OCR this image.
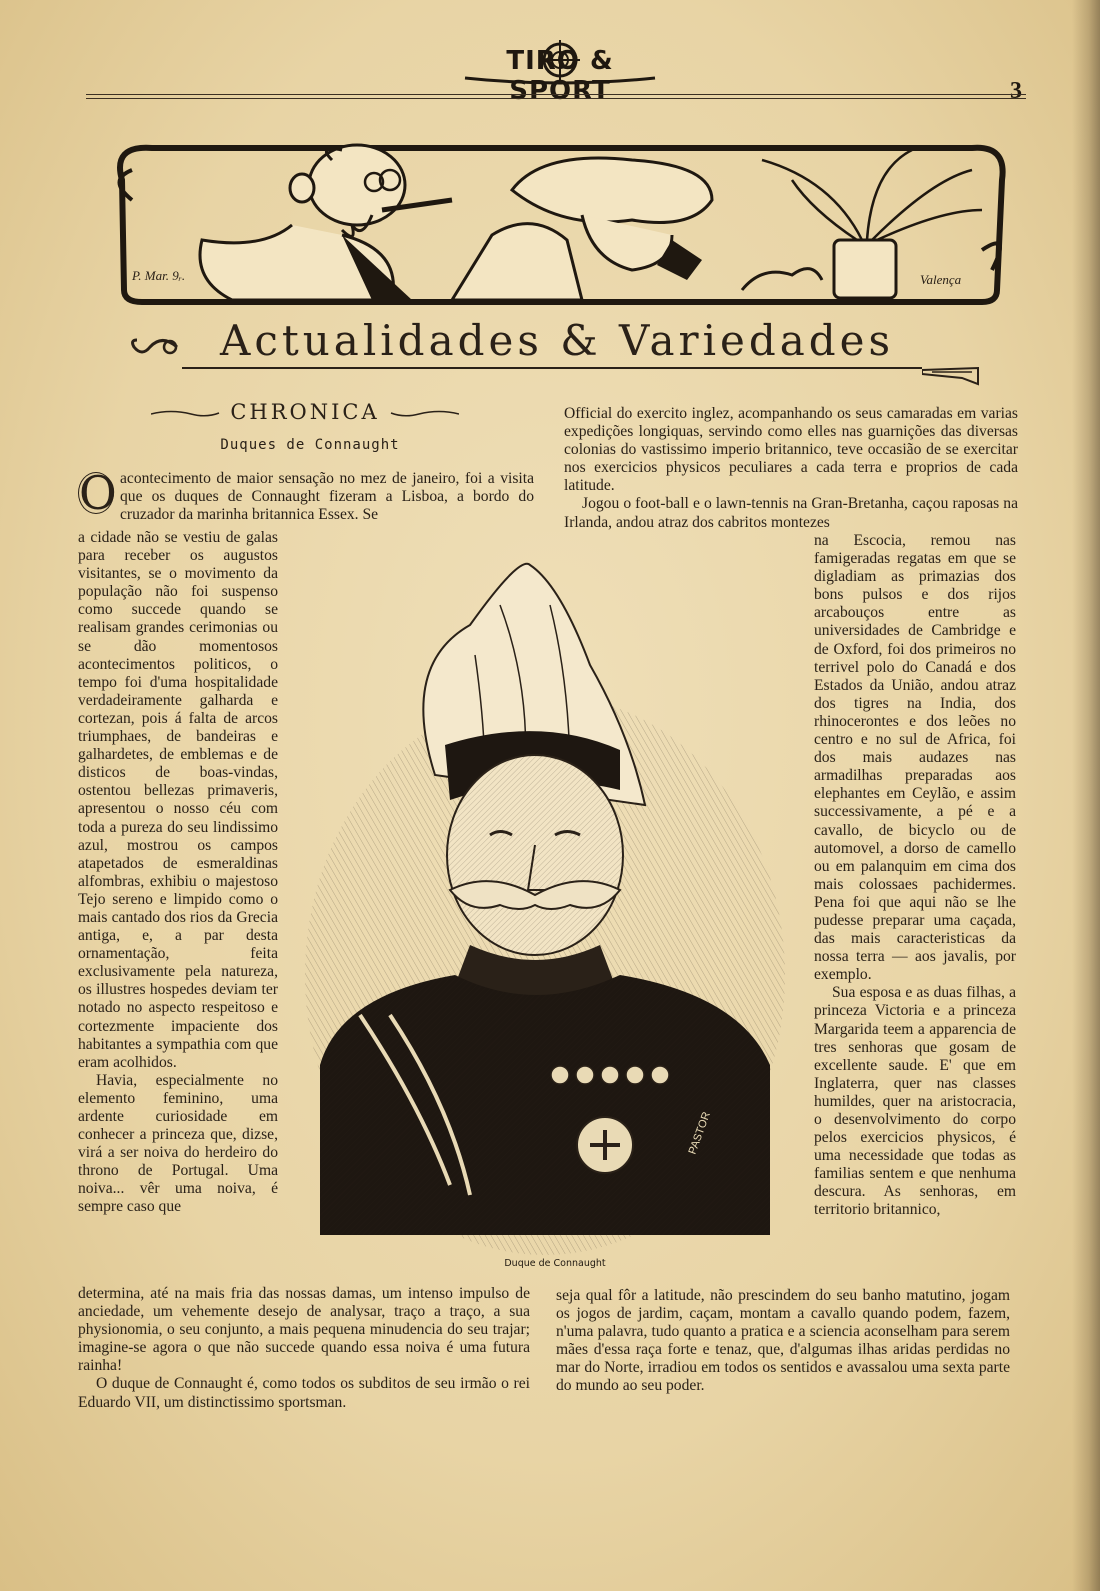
TIRO & SPORT	3
P. Mar. 9ᵣ.	Valença
Actualidades & Variedades
CHRONICA
Duques de Connaught
O acontecimento de maior sensação no mez de janeiro, foi a visita que os duques de Connaught fizeram a Lisboa, a bordo do cruzador da marinha britannica Essex. Se

a cidade não se vestiu de galas para receber os augustos visitantes, se o movimento da população não foi suspenso como succede quando se realisam grandes cerimonias ou se dão momentosos acontecimentos politicos, o tempo foi d'uma hospitalidade verdadeiramente galharda e cortezan, pois á falta de arcos triumphaes, de bandeiras e galhardetes, de emblemas e de disticos de boas-vindas, ostentou bellezas primaveris, apresentou o nosso céu com toda a pureza do seu lindissimo azul, mostrou os campos atapetados de esmeraldinas alfombras, exhibiu o majestoso Tejo sereno e limpido como o mais cantado dos rios da Grecia antiga, e, a par desta ornamentação, feita exclusivamente pela natureza, os illustres hospedes deviam ter notado no aspecto respeitoso e cortezmente impaciente dos habitantes a sympathia com que eram acolhidos.

Havia, especialmente no elemento feminino, uma ardente curiosidade em conhecer a princeza que, dizse, virá a ser noiva do herdeiro do throno de Portugal. Uma noiva... vêr uma noiva, é sempre caso que

Official do exercito inglez, acompanhando os seus camaradas em varias expedições longiquas, servindo como elles nas guarnições das diversas colonias do vastissimo imperio britannico, teve occasião de se exercitar nos exercicios physicos peculiares a cada terra e proprios de cada latitude.

Jogou o foot-ball e o lawn-tennis na Gran-Bretanha, caçou raposas na Irlanda, andou atraz dos cabritos montezes

na Escocia, remou nas famigeradas regatas em que se digladiam as primazias dos bons pulsos e dos rijos arcabouços entre as universidades de Cambridge e de Oxford, foi dos primeiros no terrivel polo do Canadá e dos Estados da União, andou atraz dos tigres na India, dos rhinocerontes e dos leões no centro e no sul de Africa, foi dos mais audazes nas armadilhas preparadas aos elephantes em Ceylão, e assim successivamente, a pé e a cavallo, de bicyclo ou de automovel, a dorso de camello ou em palanquim em cima dos mais colossaes pachidermes. Pena foi que aqui não se lhe pudesse preparar uma caçada, das mais caracteristicas da nossa terra — aos javalis, por exemplo.

Sua esposa e as duas filhas, a princeza Victoria e a princeza Margarida teem a apparencia de tres senhoras que gosam de excellente saude. E' que em Inglaterra, quer nas classes humildes, quer na aristocracia, o desenvolvimento do corpo pelos exercicios physicos, é uma necessidade que todas as familias sentem e que nenhuma descura. As senhoras, em territorio britannico,

determina, até na mais fria das nossas damas, um intenso impulso de anciedade, um vehemente desejo de analysar, traço a traço, a sua physionomia, o seu conjunto, a mais pequena minudencia do seu trajar; imagine-se agora o que não succede quando essa noiva é uma futura rainha!

O duque de Connaught é, como todos os subditos de seu irmão o rei Eduardo VII, um distinctissimo sportsman.

seja qual fôr a latitude, não prescindem do seu banho matutino, jogam os jogos de jardim, caçam, montam a cavallo quando podem, fazem, n'uma palavra, tudo quanto a pratica e a sciencia aconselham para serem mães d'essa raça forte e tenaz, que, d'algumas ilhas aridas perdidas no mar do Norte, irradiou em todos os sentidos e avassalou uma sexta parte do mundo ao seu poder.

PASTOR
Duque de Connaught
